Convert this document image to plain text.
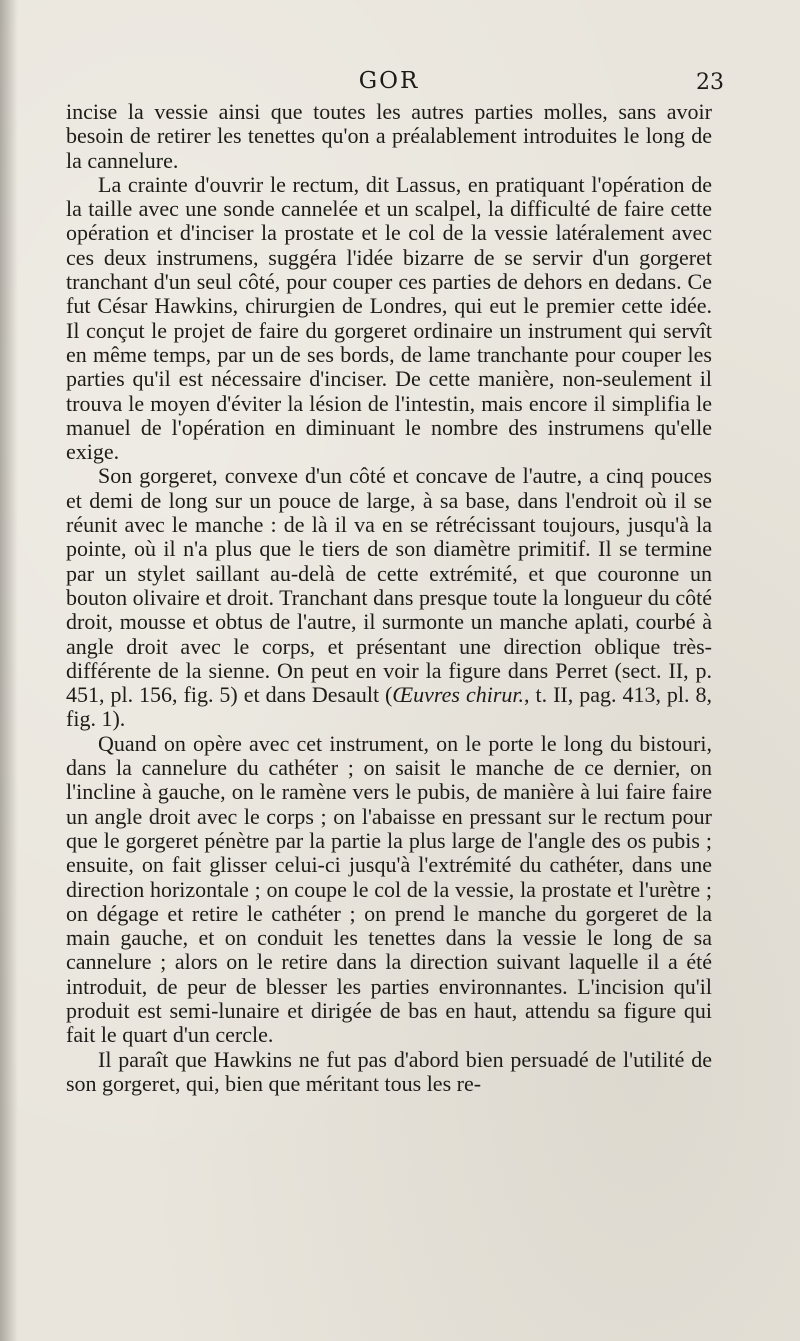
GOR	23

incise la vessie ainsi que toutes les autres parties molles, sans avoir besoin de retirer les tenettes qu'on a préalablement introduites le long de la cannelure.

La crainte d'ouvrir le rectum, dit Lassus, en pratiquant l'opération de la taille avec une sonde cannelée et un scalpel, la difficulté de faire cette opération et d'inciser la prostate et le col de la vessie latéralement avec ces deux instrumens, suggéra l'idée bizarre de se servir d'un gorgeret tranchant d'un seul côté, pour couper ces parties de dehors en dedans. Ce fut César Hawkins, chirurgien de Londres, qui eut le premier cette idée. Il conçut le projet de faire du gorgeret ordinaire un instrument qui servît en même temps, par un de ses bords, de lame tranchante pour couper les parties qu'il est nécessaire d'inciser. De cette manière, non-seulement il trouva le moyen d'éviter la lésion de l'intestin, mais encore il simplifia le manuel de l'opération en diminuant le nombre des instrumens qu'elle exige.

Son gorgeret, convexe d'un côté et concave de l'autre, a cinq pouces et demi de long sur un pouce de large, à sa base, dans l'endroit où il se réunit avec le manche : de là il va en se rétrécissant toujours, jusqu'à la pointe, où il n'a plus que le tiers de son diamètre primitif. Il se termine par un stylet saillant au-delà de cette extrémité, et que couronne un bouton olivaire et droit. Tranchant dans presque toute la longueur du côté droit, mousse et obtus de l'autre, il surmonte un manche aplati, courbé à angle droit avec le corps, et présentant une direction oblique très-différente de la sienne. On peut en voir la figure dans Perret (sect. II, p. 451, pl. 156, fig. 5) et dans Desault (Œuvres chirur., t. II, pag. 413, pl. 8, fig. 1).

Quand on opère avec cet instrument, on le porte le long du bistouri, dans la cannelure du cathéter ; on saisit le manche de ce dernier, on l'incline à gauche, on le ramène vers le pubis, de manière à lui faire faire un angle droit avec le corps ; on l'abaisse en pressant sur le rectum pour que le gorgeret pénètre par la partie la plus large de l'angle des os pubis ; ensuite, on fait glisser celui-ci jusqu'à l'extrémité du cathéter, dans une direction horizontale ; on coupe le col de la vessie, la prostate et l'urètre ; on dégage et retire le cathéter ; on prend le manche du gorgeret de la main gauche, et on conduit les tenettes dans la vessie le long de sa cannelure ; alors on le retire dans la direction suivant laquelle il a été introduit, de peur de blesser les parties environnantes. L'incision qu'il produit est semi-lunaire et dirigée de bas en haut, attendu sa figure qui fait le quart d'un cercle.

Il paraît que Hawkins ne fut pas d'abord bien persuadé de l'utilité de son gorgeret, qui, bien que méritant tous les re-
